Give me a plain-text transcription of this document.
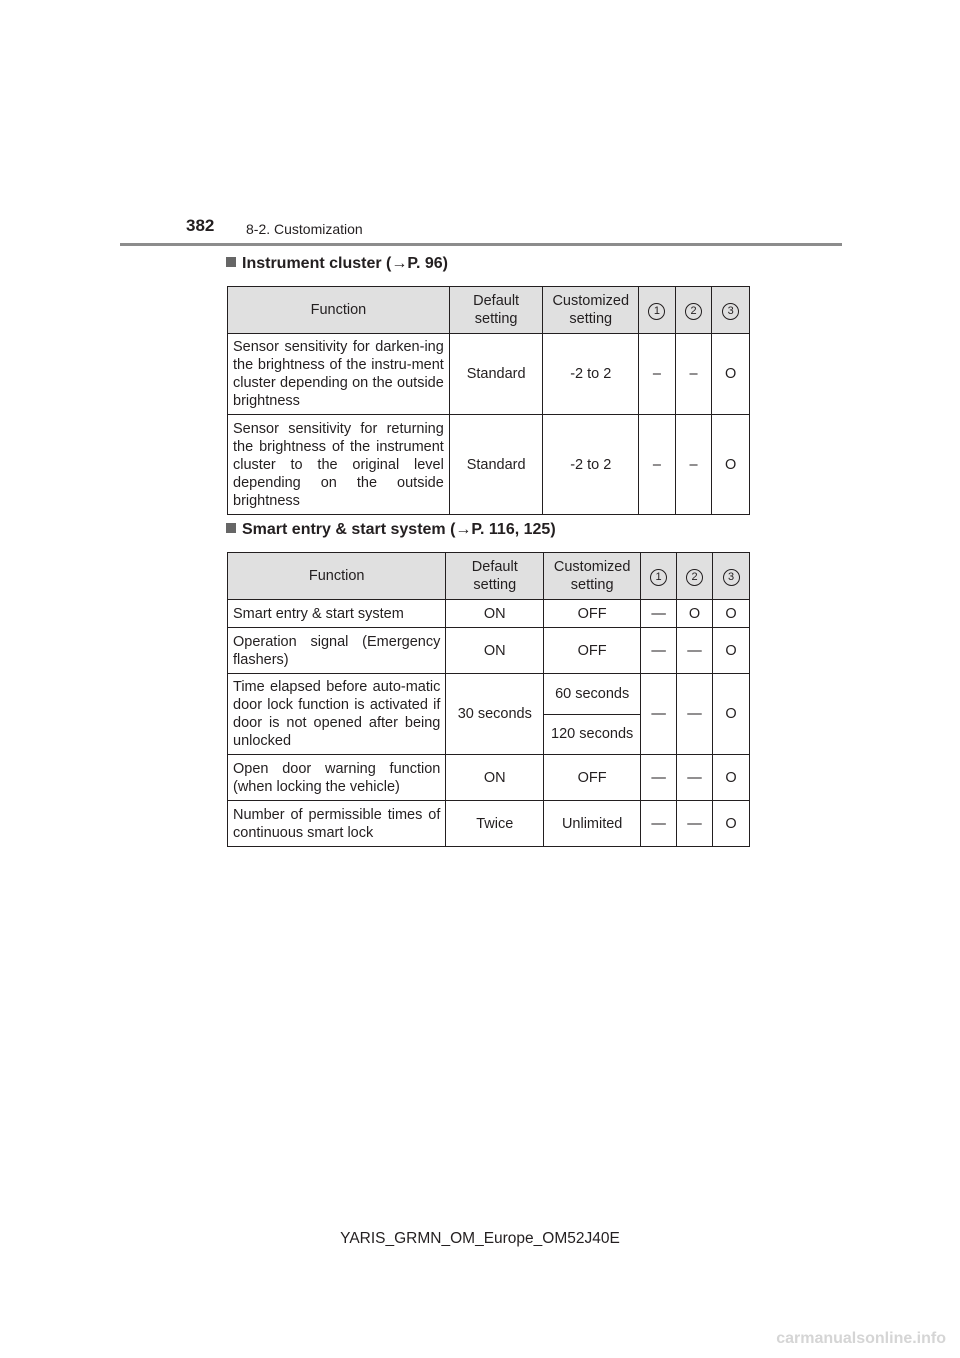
382 8-2. Customization
Instrument cluster (→P. 96)
Function	Default setting	Customized setting	1	2	3
Sensor sensitivity for darken-ing the brightness of the instru-ment cluster depending on the outside brightness	Standard	-2 to 2	–	–	O
Sensor sensitivity for returning the brightness of the instrument cluster to the original level depending on the outside brightness	Standard	-2 to 2	–	–	O
Smart entry & start system (→P. 116, 125)
Function	Default setting	Customized setting	1	2	3
Smart entry & start system	ON	OFF	—	O	O
Operation signal (Emergency flashers)	ON	OFF	—	—	O
Time elapsed before auto-matic door lock function is activated if door is not opened after being unlocked	30 seconds	60 seconds	—	—	O
		120 seconds			
Open door warning function (when locking the vehicle)	ON	OFF	—	—	O
Number of permissible times of continuous smart lock	Twice	Unlimited	—	—	O
YARIS_GRMN_OM_Europe_OM52J40E
carmanualsonline.info
